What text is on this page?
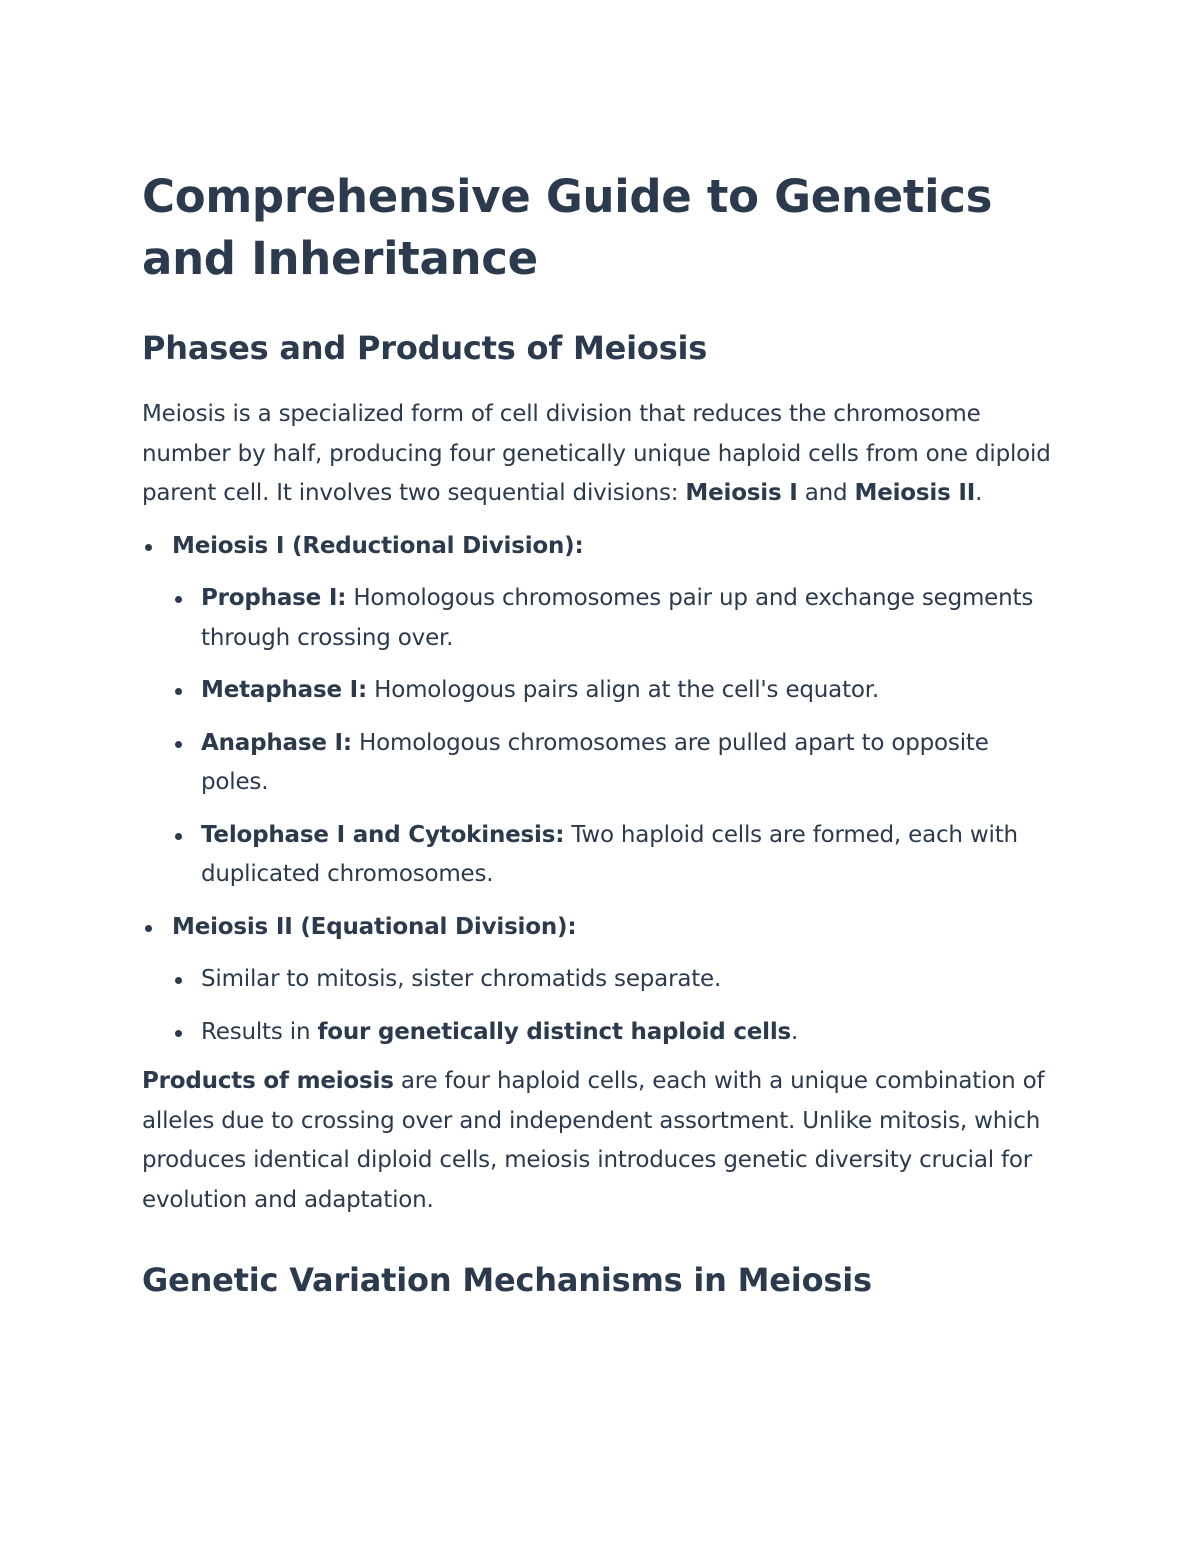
Comprehensive Guide to Genetics and Inheritance
Phases and Products of Meiosis

Meiosis is a specialized form of cell division that reduces the chromosome number by half, producing four genetically unique haploid cells from one diploid parent cell. It involves two sequential divisions: Meiosis I and Meiosis II.

Meiosis I (Reductional Division):
Prophase I: Homologous chromosomes pair up and exchange segments through crossing over.
Metaphase I: Homologous pairs align at the cell's equator.
Anaphase I: Homologous chromosomes are pulled apart to opposite poles.
Telophase I and Cytokinesis: Two haploid cells are formed, each with duplicated chromosomes.
Meiosis II (Equational Division):
Similar to mitosis, sister chromatids separate.
Results in four genetically distinct haploid cells.

Products of meiosis are four haploid cells, each with a unique combination of alleles due to crossing over and independent assortment. Unlike mitosis, which produces identical diploid cells, meiosis introduces genetic diversity crucial for evolution and adaptation.

Genetic Variation Mechanisms in Meiosis
